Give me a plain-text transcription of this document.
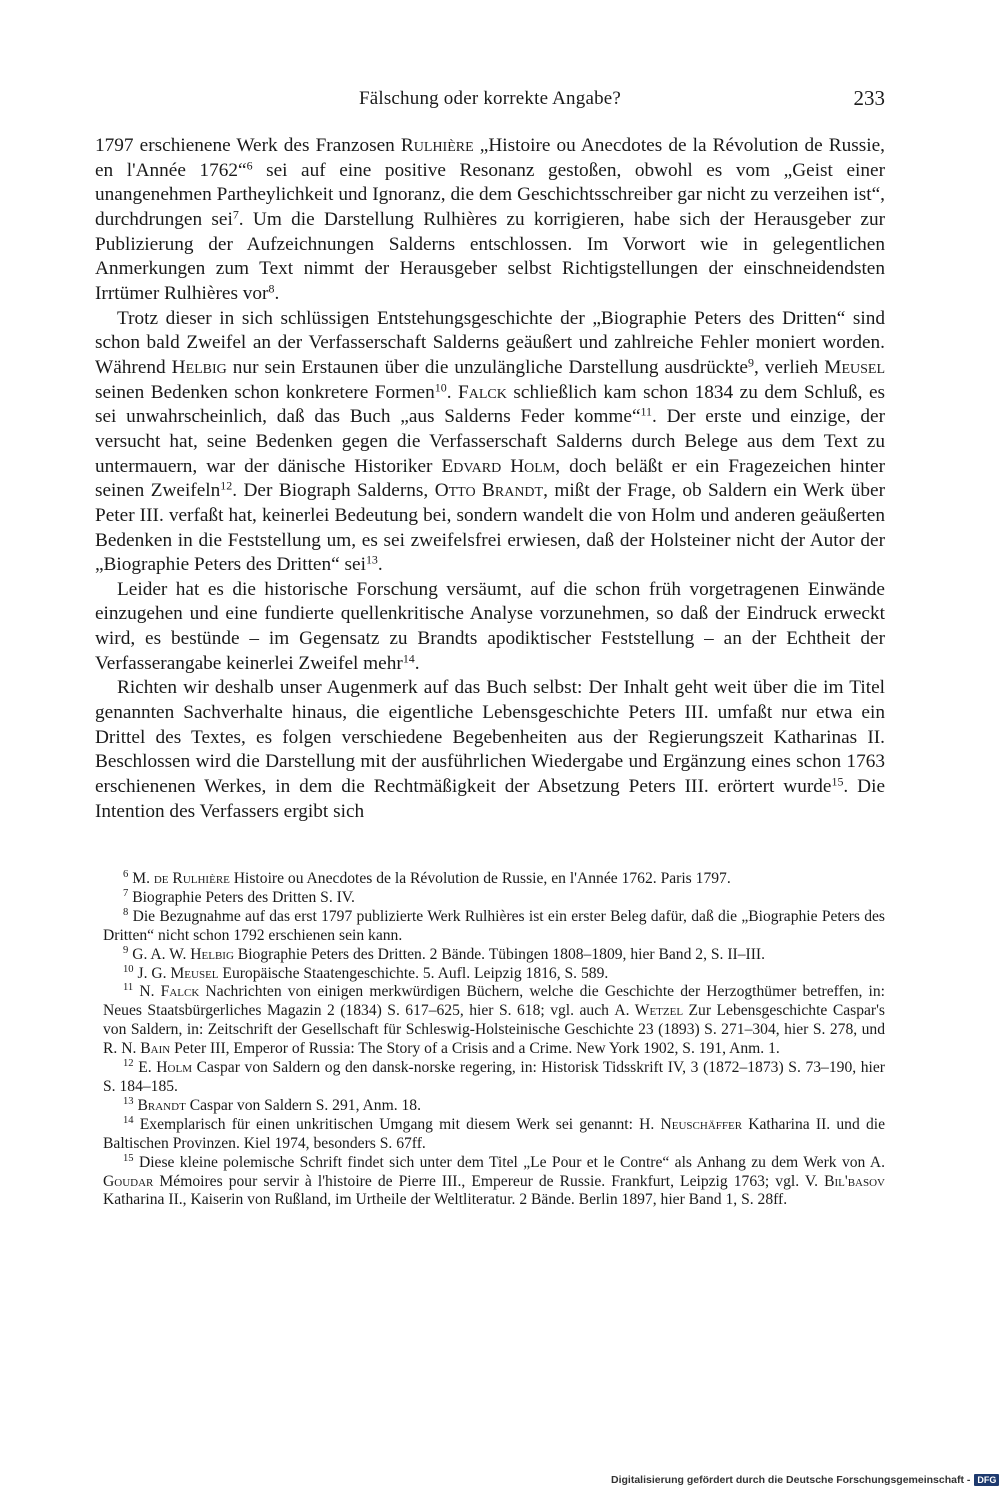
Fälschung oder korrekte Angabe?	233

1797 erschienene Werk des Franzosen Rulhière „Histoire ou Anecdotes de la Révolution de Russie, en l'Année 1762“$^6$ sei auf eine positive Resonanz gestoßen, obwohl es vom „Geist einer unangenehmen Partheylichkeit und Ignoranz, die dem Geschichtsschreiber gar nicht zu verzeihen ist“, durchdrungen sei$^7$. Um die Darstellung Rulhières zu korrigieren, habe sich der Herausgeber zur Publizierung der Aufzeichnungen Salderns entschlossen. Im Vorwort wie in gelegentlichen Anmerkungen zum Text nimmt der Herausgeber selbst Richtigstellungen der einschneidendsten Irrtümer Rulhières vor$^8$.

Trotz dieser in sich schlüssigen Entstehungsgeschichte der „Biographie Peters des Dritten“ sind schon bald Zweifel an der Verfasserschaft Salderns geäußert und zahlreiche Fehler moniert worden. Während Helbig nur sein Erstaunen über die unzulängliche Darstellung ausdrückte$^9$, verlieh Meusel seinen Bedenken schon konkretere Formen$^{10}$. Falck schließlich kam schon 1834 zu dem Schluß, es sei unwahrscheinlich, daß das Buch „aus Salderns Feder komme“$^{11}$. Der erste und einzige, der versucht hat, seine Bedenken gegen die Verfasserschaft Salderns durch Belege aus dem Text zu untermauern, war der dänische Historiker Edvard Holm, doch beläßt er ein Fragezeichen hinter seinen Zweifeln$^{12}$. Der Biograph Salderns, Otto Brandt, mißt der Frage, ob Saldern ein Werk über Peter III. verfaßt hat, keinerlei Bedeutung bei, sondern wandelt die von Holm und anderen geäußerten Bedenken in die Feststellung um, es sei zweifelsfrei erwiesen, daß der Holsteiner nicht der Autor der „Biographie Peters des Dritten“ sei$^{13}$.

Leider hat es die historische Forschung versäumt, auf die schon früh vorgetragenen Einwände einzugehen und eine fundierte quellenkritische Analyse vorzunehmen, so daß der Eindruck erweckt wird, es bestünde – im Gegensatz zu Brandts apodiktischer Feststellung – an der Echtheit der Verfasserangabe keinerlei Zweifel mehr$^{14}$.

Richten wir deshalb unser Augenmerk auf das Buch selbst: Der Inhalt geht weit über die im Titel genannten Sachverhalte hinaus, die eigentliche Lebensgeschichte Peters III. umfaßt nur etwa ein Drittel des Textes, es folgen verschiedene Begebenheiten aus der Regierungszeit Katharinas II. Beschlossen wird die Darstellung mit der ausführlichen Wiedergabe und Ergänzung eines schon 1763 erschienenen Werkes, in dem die Rechtmäßigkeit der Absetzung Peters III. erörtert wurde$^{15}$. Die Intention des Verfassers ergibt sich

$^6$ M. de Rulhière Histoire ou Anecdotes de la Révolution de Russie, en l'Année 1762. Paris 1797.

$^7$ Biographie Peters des Dritten S. IV.

$^8$ Die Bezugnahme auf das erst 1797 publizierte Werk Rulhières ist ein erster Beleg dafür, daß die „Biographie Peters des Dritten“ nicht schon 1792 erschienen sein kann.

$^9$ G. A. W. Helbig Biographie Peters des Dritten. 2 Bände. Tübingen 1808–1809, hier Band 2, S. II–III.

$^{10}$ J. G. Meusel Europäische Staatengeschichte. 5. Aufl. Leipzig 1816, S. 589.

$^{11}$ N. Falck Nachrichten von einigen merkwürdigen Büchern, welche die Geschichte der Herzogthümer betreffen, in: Neues Staatsbürgerliches Magazin 2 (1834) S. 617–625, hier S. 618; vgl. auch A. Wetzel Zur Lebensgeschichte Caspar's von Saldern, in: Zeitschrift der Gesellschaft für Schleswig-Holsteinische Geschichte 23 (1893) S. 271–304, hier S. 278, und R. N. Bain Peter III, Emperor of Russia: The Story of a Crisis and a Crime. New York 1902, S. 191, Anm. 1.

$^{12}$ E. Holm Caspar von Saldern og den dansk-norske regering, in: Historisk Tidsskrift IV, 3 (1872–1873) S. 73–190, hier S. 184–185.

$^{13}$ Brandt Caspar von Saldern S. 291, Anm. 18.

$^{14}$ Exemplarisch für einen unkritischen Umgang mit diesem Werk sei genannt: H. Neuschäffer Katharina II. und die Baltischen Provinzen. Kiel 1974, besonders S. 67ff.

$^{15}$ Diese kleine polemische Schrift findet sich unter dem Titel „Le Pour et le Contre“ als Anhang zu dem Werk von A. Goudar Mémoires pour servir à l'histoire de Pierre III., Empereur de Russie. Frankfurt, Leipzig 1763; vgl. V. Bil'basov Katharina II., Kaiserin von Rußland, im Urtheile der Weltliteratur. 2 Bände. Berlin 1897, hier Band 1, S. 28ff.

Digitalisierung gefördert durch die Deutsche Forschungsgemeinschaft - DFG
